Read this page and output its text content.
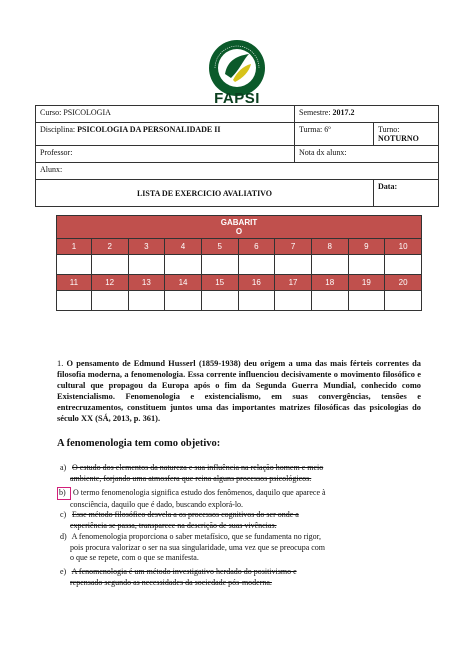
FAPSI
Curso: PSICOLOGIA	Semestre: 2017.2	
Disciplina: PSICOLOGIA DA PERSONALIDADE II	Turma: 6º	Turno:
NOTURNO
Professor:	Nota dx alunx:	
Alunx:		
LISTA DE EXERCICIO AVALIATIVO		Data:
GABARIT
O									
1	2	3	4	5	6	7	8	9	10

11	12	13	14	15	16	17	18	19	20

1. O pensamento de Edmund Husserl (1859-1938) deu origem a uma das mais férteis correntes da filosofia moderna, a fenomenologia. Essa corrente influenciou decisivamente o movimento filosófico e cultural que propagou da Europa após o fim da Segunda Guerra Mundial, conhecido como Existencialismo. Fenomenologia e existencialismo, em suas convergências, tensões e entrecruzamentos, constituem juntos uma das importantes matrizes filosóficas das psicologias do século XX (SÁ, 2013, p. 361).
A fenomenologia tem como objetivo:
a) O estudo dos elementos da natureza e sua influência na relação homem e meio
ambiente, forjando uma atmosfera que reina alguns processos psicológicos.
b) O termo fenomenologia significa estudo dos fenômenos, daquilo que aparece à
consciência, daquilo que é dado, buscando explorá-lo.
c) Esse método filosófico desvela a os processos cognitivos do ser onde a
experiência se passa, transparece na descrição de suas vivências.
d) A fenomenologia proporciona o saber metafísico, que se fundamenta no rigor,
pois procura valorizar o ser na sua singularidade, uma vez que se preocupa com
o que se repete, com o que se manifesta.
e) A fenomenologia é um método investigativo herdado do positivismo e
repensado segundo as necessidades da sociedade pós-moderna.
